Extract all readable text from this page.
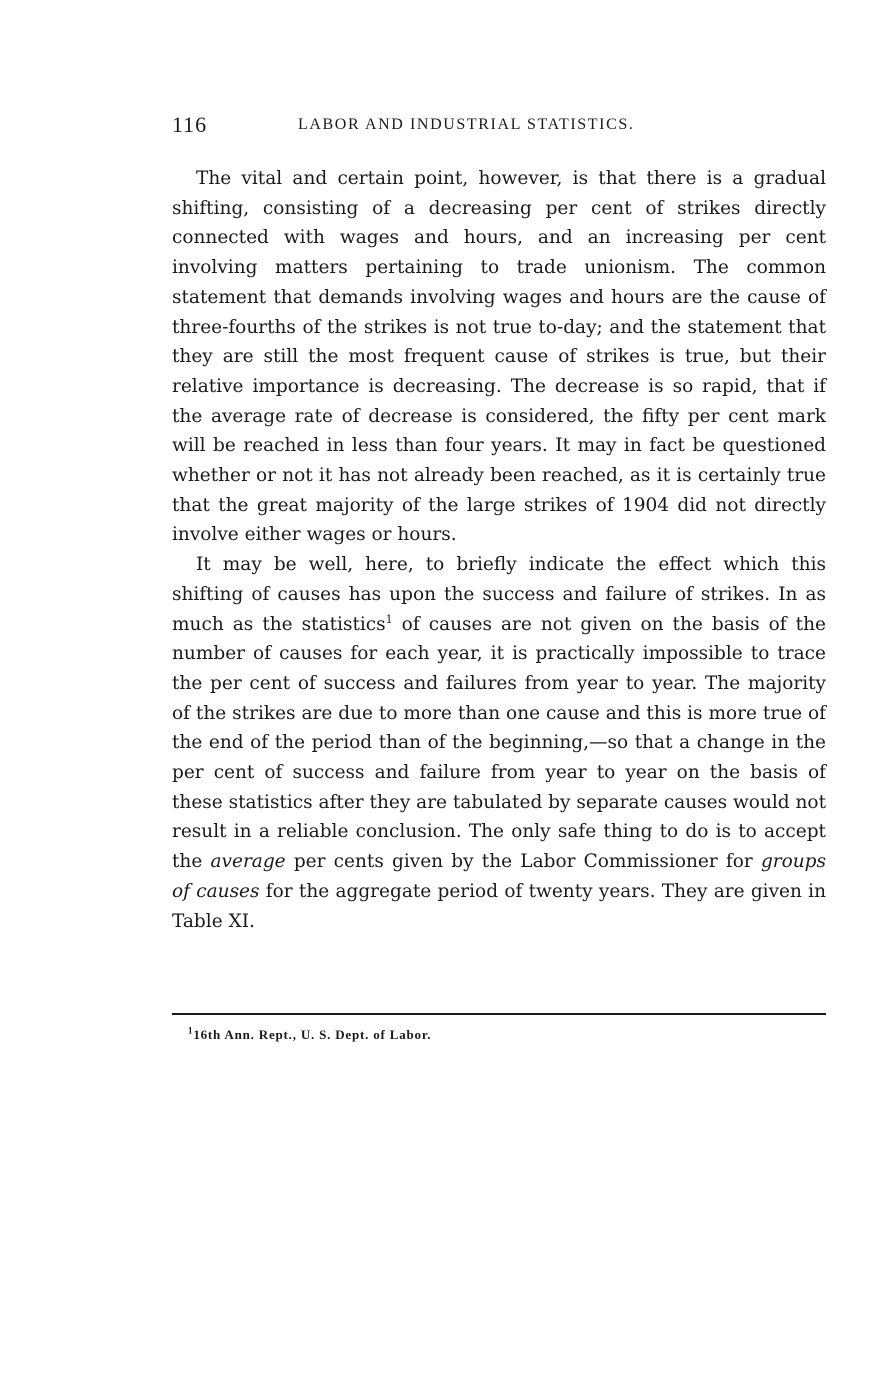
116	LABOR AND INDUSTRIAL STATISTICS.

The vital and certain point, however, is that there is a gradual shifting, consisting of a decreasing per cent of strikes directly connected with wages and hours, and an increasing per cent involving matters pertaining to trade unionism. The common statement that demands involving wages and hours are the cause of three-fourths of the strikes is not true to-day; and the statement that they are still the most frequent cause of strikes is true, but their relative importance is decreasing. The decrease is so rapid, that if the average rate of decrease is considered, the fifty per cent mark will be reached in less than four years. It may in fact be questioned whether or not it has not already been reached, as it is certainly true that the great majority of the large strikes of 1904 did not directly involve either wages or hours.

It may be well, here, to briefly indicate the effect which this shifting of causes has upon the success and failure of strikes. In as much as the statistics$^1$ of causes are not given on the basis of the number of causes for each year, it is practically impossible to trace the per cent of success and failures from year to year. The majority of the strikes are due to more than one cause and this is more true of the end of the period than of the beginning,—so that a change in the per cent of success and failure from year to year on the basis of these statistics after they are tabulated by separate causes would not result in a reliable conclusion. The only safe thing to do is to accept the average per cents given by the Labor Commissioner for groups of causes for the aggregate period of twenty years. They are given in Table XI.

$^1$16th Ann. Rept., U. S. Dept. of Labor.
